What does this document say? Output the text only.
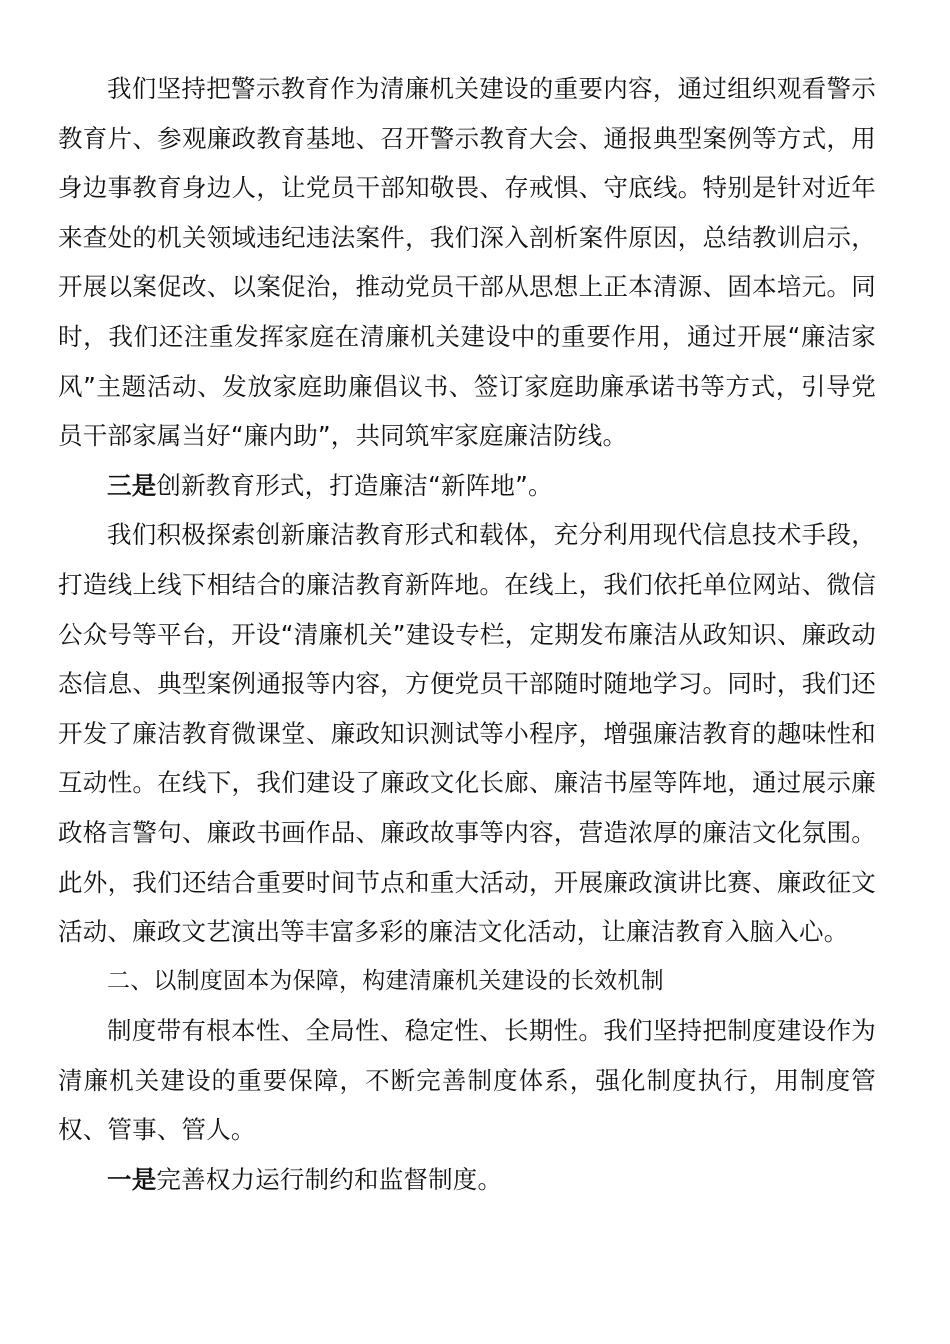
我们坚持把警示教育作为清廉机关建设的重要内容，通过组织观看警示教育片、参观廉政教育基地、召开警示教育大会、通报典型案例等方式，用身边事教育身边人，让党员干部知敬畏、存戒惧、守底线。特别是针对近年来查处的机关领域违纪违法案件，我们深入剖析案件原因，总结教训启示，开展以案促改、以案促治，推动党员干部从思想上正本清源、固本培元。同时，我们还注重发挥家庭在清廉机关建设中的重要作用，通过开展“廉洁家风”主题活动、发放家庭助廉倡议书、签订家庭助廉承诺书等方式，引导党员干部家属当好“廉内助”，共同筑牢家庭廉洁防线。

三是创新教育形式，打造廉洁“新阵地”。

我们积极探索创新廉洁教育形式和载体，充分利用现代信息技术手段，打造线上线下相结合的廉洁教育新阵地。在线上，我们依托单位网站、微信公众号等平台，开设“清廉机关”建设专栏，定期发布廉洁从政知识、廉政动态信息、典型案例通报等内容，方便党员干部随时随地学习。同时，我们还开发了廉洁教育微课堂、廉政知识测试等小程序，增强廉洁教育的趣味性和互动性。在线下，我们建设了廉政文化长廊、廉洁书屋等阵地，通过展示廉政格言警句、廉政书画作品、廉政故事等内容，营造浓厚的廉洁文化氛围。此外，我们还结合重要时间节点和重大活动，开展廉政演讲比赛、廉政征文活动、廉政文艺演出等丰富多彩的廉洁文化活动，让廉洁教育入脑入心。

二、以制度固本为保障，构建清廉机关建设的长效机制

制度带有根本性、全局性、稳定性、长期性。我们坚持把制度建设作为清廉机关建设的重要保障，不断完善制度体系，强化制度执行，用制度管权、管事、管人。

一是完善权力运行制约和监督制度。
